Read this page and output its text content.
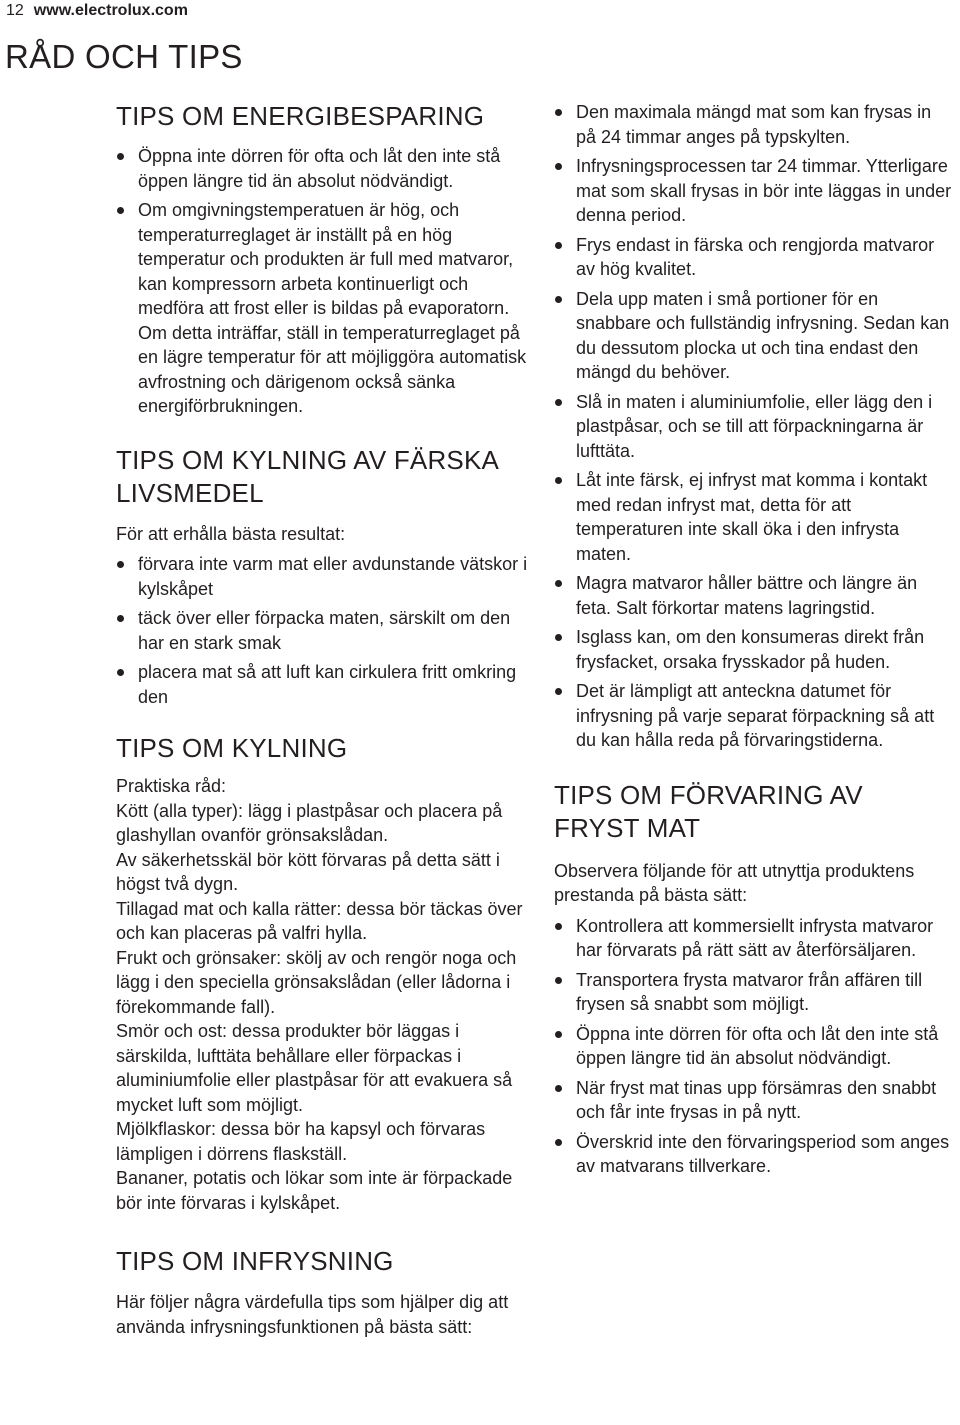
12 www.electrolux.com
RÅD OCH TIPS
TIPS OM ENERGIBESPARING
Öppna inte dörren för ofta och låt den inte stå öppen längre tid än absolut nödvändigt.
Om omgivningstemperatuen är hög, och temperaturreglaget är inställt på en hög temperatur och produkten är full med matvaror, kan kompressorn arbeta kontinuerligt och medföra att frost eller is bildas på evaporatorn. Om detta inträffar, ställ in temperaturreglaget på en lägre temperatur för att möjliggöra automatisk avfrostning och därigenom också sänka energiförbrukningen.
TIPS OM KYLNING AV FÄRSKA LIVSMEDEL

För att erhålla bästa resultat:

förvara inte varm mat eller avdunstande vätskor i kylskåpet
täck över eller förpacka maten, särskilt om den har en stark smak
placera mat så att luft kan cirkulera fritt omkring den
TIPS OM KYLNING

Praktiska råd:

Kött (alla typer): lägg i plastpåsar och placera på glashyllan ovanför grönsakslådan.

Av säkerhetsskäl bör kött förvaras på detta sätt i högst två dygn.

Tillagad mat och kalla rätter: dessa bör täckas över och kan placeras på valfri hylla.

Frukt och grönsaker: skölj av och rengör noga och lägg i den speciella grönsakslådan (eller lådorna i förekommande fall).

Smör och ost: dessa produkter bör läggas i särskilda, lufttäta behållare eller förpackas i aluminiumfolie eller plastpåsar för att evakuera så mycket luft som möjligt.

Mjölkflaskor: dessa bör ha kapsyl och förvaras lämpligen i dörrens flaskställ.

Bananer, potatis och lökar som inte är förpackade bör inte förvaras i kylskåpet.

TIPS OM INFRYSNING

Här följer några värdefulla tips som hjälper dig att använda infrysningsfunktionen på bästa sätt:

Den maximala mängd mat som kan frysas in på 24 timmar anges på typskylten.
Infrysningsprocessen tar 24 timmar. Ytterligare mat som skall frysas in bör inte läggas in under denna period.
Frys endast in färska och rengjorda matvaror av hög kvalitet.
Dela upp maten i små portioner för en snabbare och fullständig infrysning. Sedan kan du dessutom plocka ut och tina endast den mängd du behöver.
Slå in maten i aluminiumfolie, eller lägg den i plastpåsar, och se till att förpackningarna är lufttäta.
Låt inte färsk, ej infryst mat komma i kontakt med redan infryst mat, detta för att temperaturen inte skall öka i den infrysta maten.
Magra matvaror håller bättre och längre än feta. Salt förkortar matens lagringstid.
Isglass kan, om den konsumeras direkt från frysfacket, orsaka frysskador på huden.
Det är lämpligt att anteckna datumet för infrysning på varje separat förpackning så att du kan hålla reda på förvaringstiderna.
TIPS OM FÖRVARING AV FRYST MAT

Observera följande för att utnyttja produktens prestanda på bästa sätt:

Kontrollera att kommersiellt infrysta matvaror har förvarats på rätt sätt av återförsäljaren.
Transportera frysta matvaror från affären till frysen så snabbt som möjligt.
Öppna inte dörren för ofta och låt den inte stå öppen längre tid än absolut nödvändigt.
När fryst mat tinas upp försämras den snabbt och får inte frysas in på nytt.
Överskrid inte den förvaringsperiod som anges av matvarans tillverkare.
